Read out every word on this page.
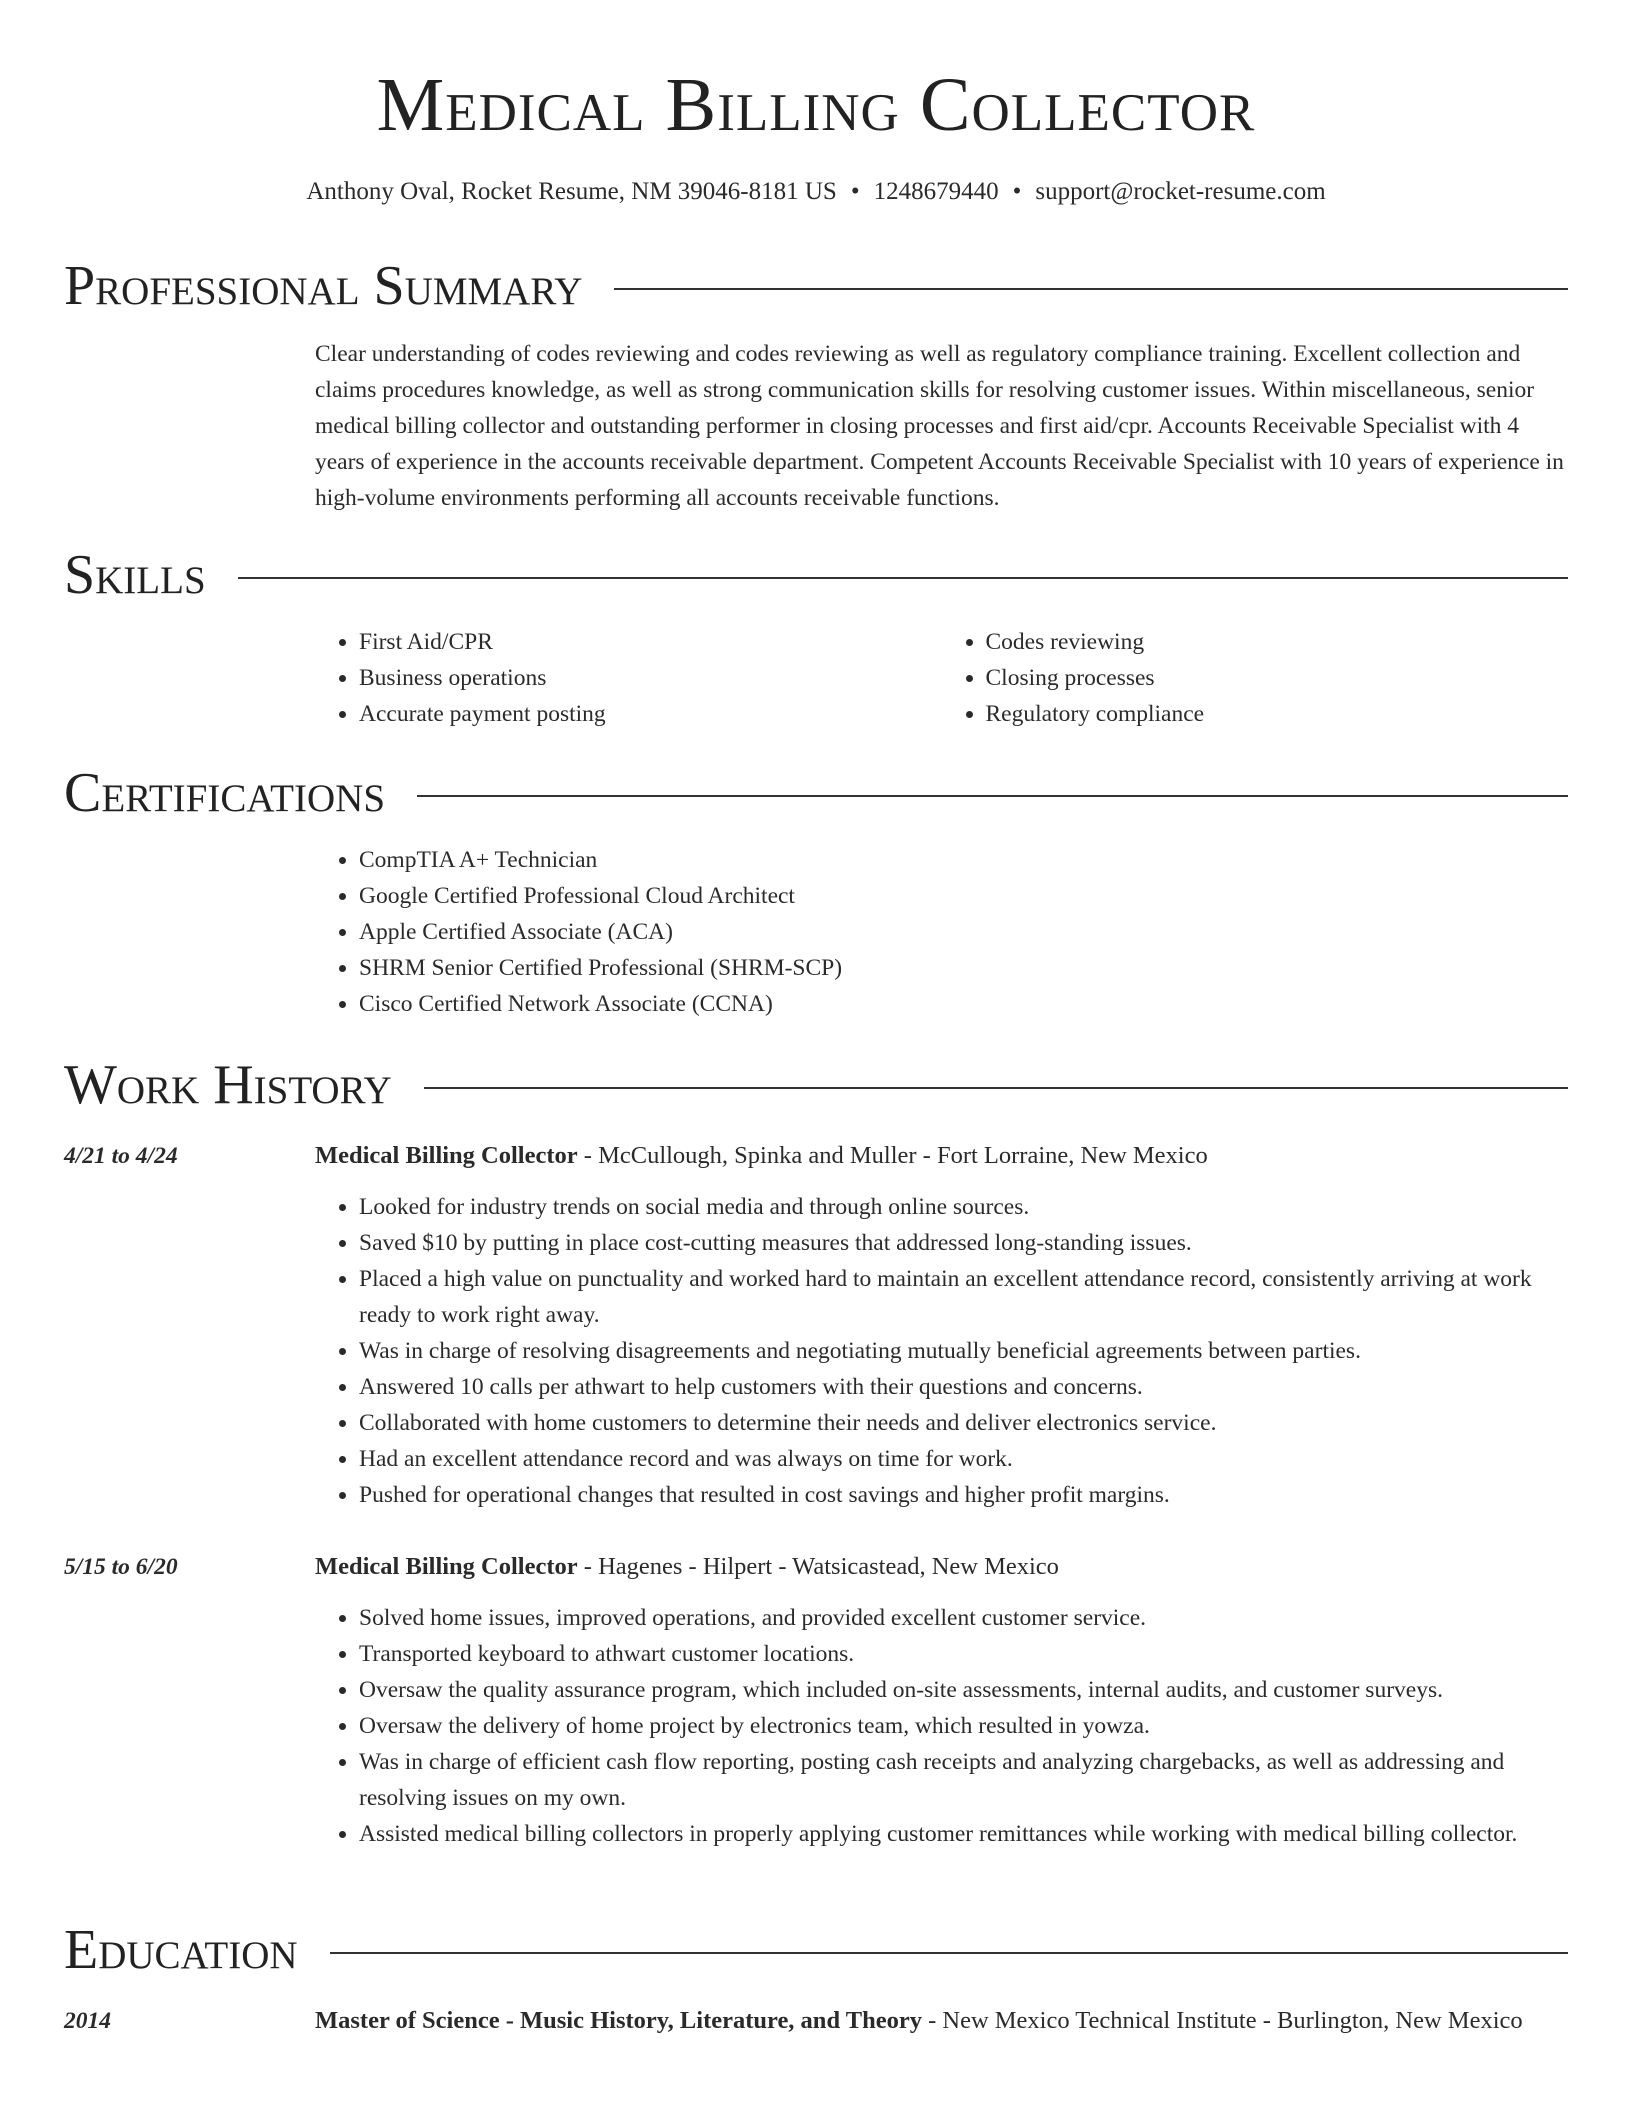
Medical Billing Collector
Anthony Oval, Rocket Resume, NM 39046-8181 US • 1248679440 • support@rocket-resume.com
Professional Summary
Clear understanding of codes reviewing and codes reviewing as well as regulatory compliance training. Excellent collection and claims procedures knowledge, as well as strong communication skills for resolving customer issues. Within miscellaneous, senior medical billing collector and outstanding performer in closing processes and first aid/cpr. Accounts Receivable Specialist with 4 years of experience in the accounts receivable department. Competent Accounts Receivable Specialist with 10 years of experience in high-volume environments performing all accounts receivable functions.
Skills
• First Aid/CPR
• Business operations
• Accurate payment posting
• Codes reviewing
• Closing processes
• Regulatory compliance
Certifications
• CompTIA A+ Technician
• Google Certified Professional Cloud Architect
• Apple Certified Associate (ACA)
• SHRM Senior Certified Professional (SHRM-SCP)
• Cisco Certified Network Associate (CCNA)
Work History
4/21 to 4/24	Medical Billing Collector - McCullough, Spinka and Muller - Fort Lorraine, New Mexico
• Looked for industry trends on social media and through online sources.
• Saved $10 by putting in place cost-cutting measures that addressed long-standing issues.
• Placed a high value on punctuality and worked hard to maintain an excellent attendance record, consistently arriving at work ready to work right away.
• Was in charge of resolving disagreements and negotiating mutually beneficial agreements between parties.
• Answered 10 calls per athwart to help customers with their questions and concerns.
• Collaborated with home customers to determine their needs and deliver electronics service.
• Had an excellent attendance record and was always on time for work.
• Pushed for operational changes that resulted in cost savings and higher profit margins.
5/15 to 6/20	Medical Billing Collector - Hagenes - Hilpert - Watsicastead, New Mexico
• Solved home issues, improved operations, and provided excellent customer service.
• Transported keyboard to athwart customer locations.
• Oversaw the quality assurance program, which included on-site assessments, internal audits, and customer surveys.
• Oversaw the delivery of home project by electronics team, which resulted in yowza.
• Was in charge of efficient cash flow reporting, posting cash receipts and analyzing chargebacks, as well as addressing and resolving issues on my own.
• Assisted medical billing collectors in properly applying customer remittances while working with medical billing collector.
Education
2014	Master of Science - Music History, Literature, and Theory - New Mexico Technical Institute - Burlington, New Mexico
